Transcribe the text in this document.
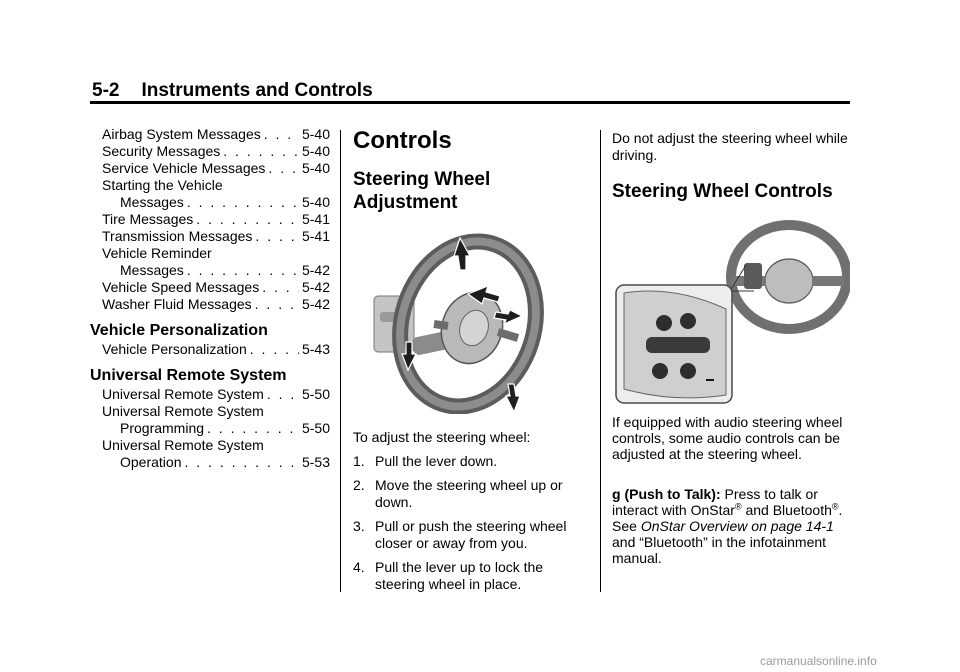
5-2 Instruments and Controls
Airbag System Messages . . .	5-40
Security Messages . . .	5-40
Service Vehicle Messages . . .	5-40
Starting the Vehicle
Messages . . .	5-40
Tire Messages . . .	5-41
Transmission Messages . . .	5-41
Vehicle Reminder
Messages . . .	5-42
Vehicle Speed Messages . . .	5-42
Washer Fluid Messages . . .	5-42
Vehicle Personalization
Vehicle Personalization . . .	5-43
Universal Remote System
Universal Remote System . . .	5-50
Universal Remote System
Programming . . .	5-50
Universal Remote System
Operation . . .	5-53
Controls
Steering Wheel Adjustment
To adjust the steering wheel:
1. Pull the lever down.
2. Move the steering wheel up or down.
3. Pull or push the steering wheel closer or away from you.
4. Pull the lever up to lock the steering wheel in place.
Do not adjust the steering wheel while driving.
Steering Wheel Controls
If equipped with audio steering wheel controls, some audio controls can be adjusted at the steering wheel.
g (Push to Talk): Press to talk or interact with OnStar® and Bluetooth®. See OnStar Overview on page 14-1 and “Bluetooth” in the infotainment manual.
carmanualsonline.info
